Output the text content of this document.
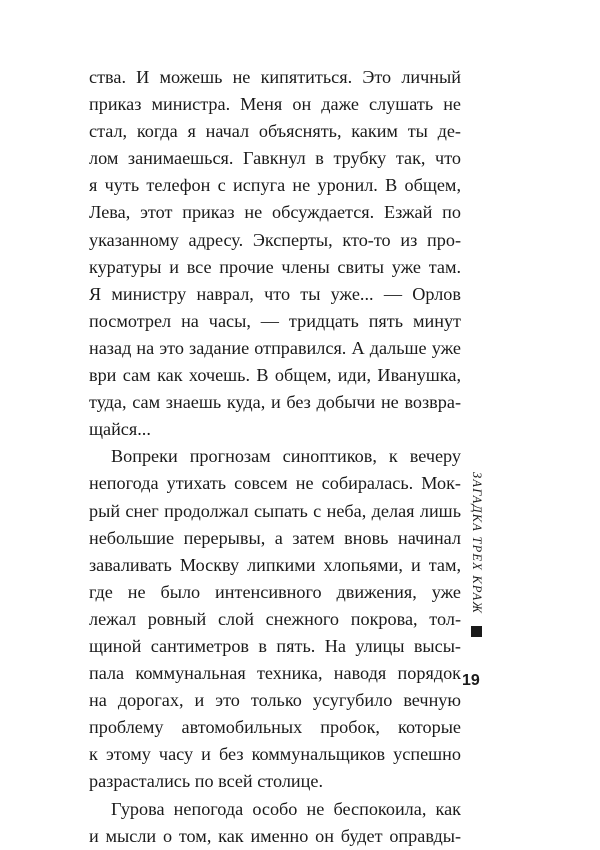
ства. И можешь не кипятиться. Это личный
приказ министра. Меня он даже слушать не
стал, когда я начал объяснять, каким ты де-
лом занимаешься. Гавкнул в трубку так, что
я чуть телефон с испуга не уронил. В общем,
Лева, этот приказ не обсуждается. Езжай по
указанному адресу. Эксперты, кто-то из про-
куратуры и все прочие члены свиты уже там.
Я министру наврал, что ты уже... — Орлов
посмотрел на часы, — тридцать пять минут
назад на это задание отправился. А дальше уже
ври сам как хочешь. В общем, иди, Иванушка,
туда, сам знаешь куда, и без добычи не возвра-
щайся...
Вопреки прогнозам синоптиков, к вечеру
непогода утихать совсем не собиралась. Мок-
рый снег продолжал сыпать с неба, делая лишь
небольшие перерывы, а затем вновь начинал
заваливать Москву липкими хлопьями, и там,
где не было интенсивного движения, уже
лежал ровный слой снежного покрова, тол-
щиной сантиметров в пять. На улицы высы-
пала коммунальная техника, наводя порядок
на дорогах, и это только усугубило вечную
проблему автомобильных пробок, которые
к этому часу и без коммунальщиков успешно
разрастались по всей столице.
Гурова непогода особо не беспокоила, как
и мысли о том, как именно он будет оправды-
ЗАГАДКА ТРЕХ КРАЖ
19
